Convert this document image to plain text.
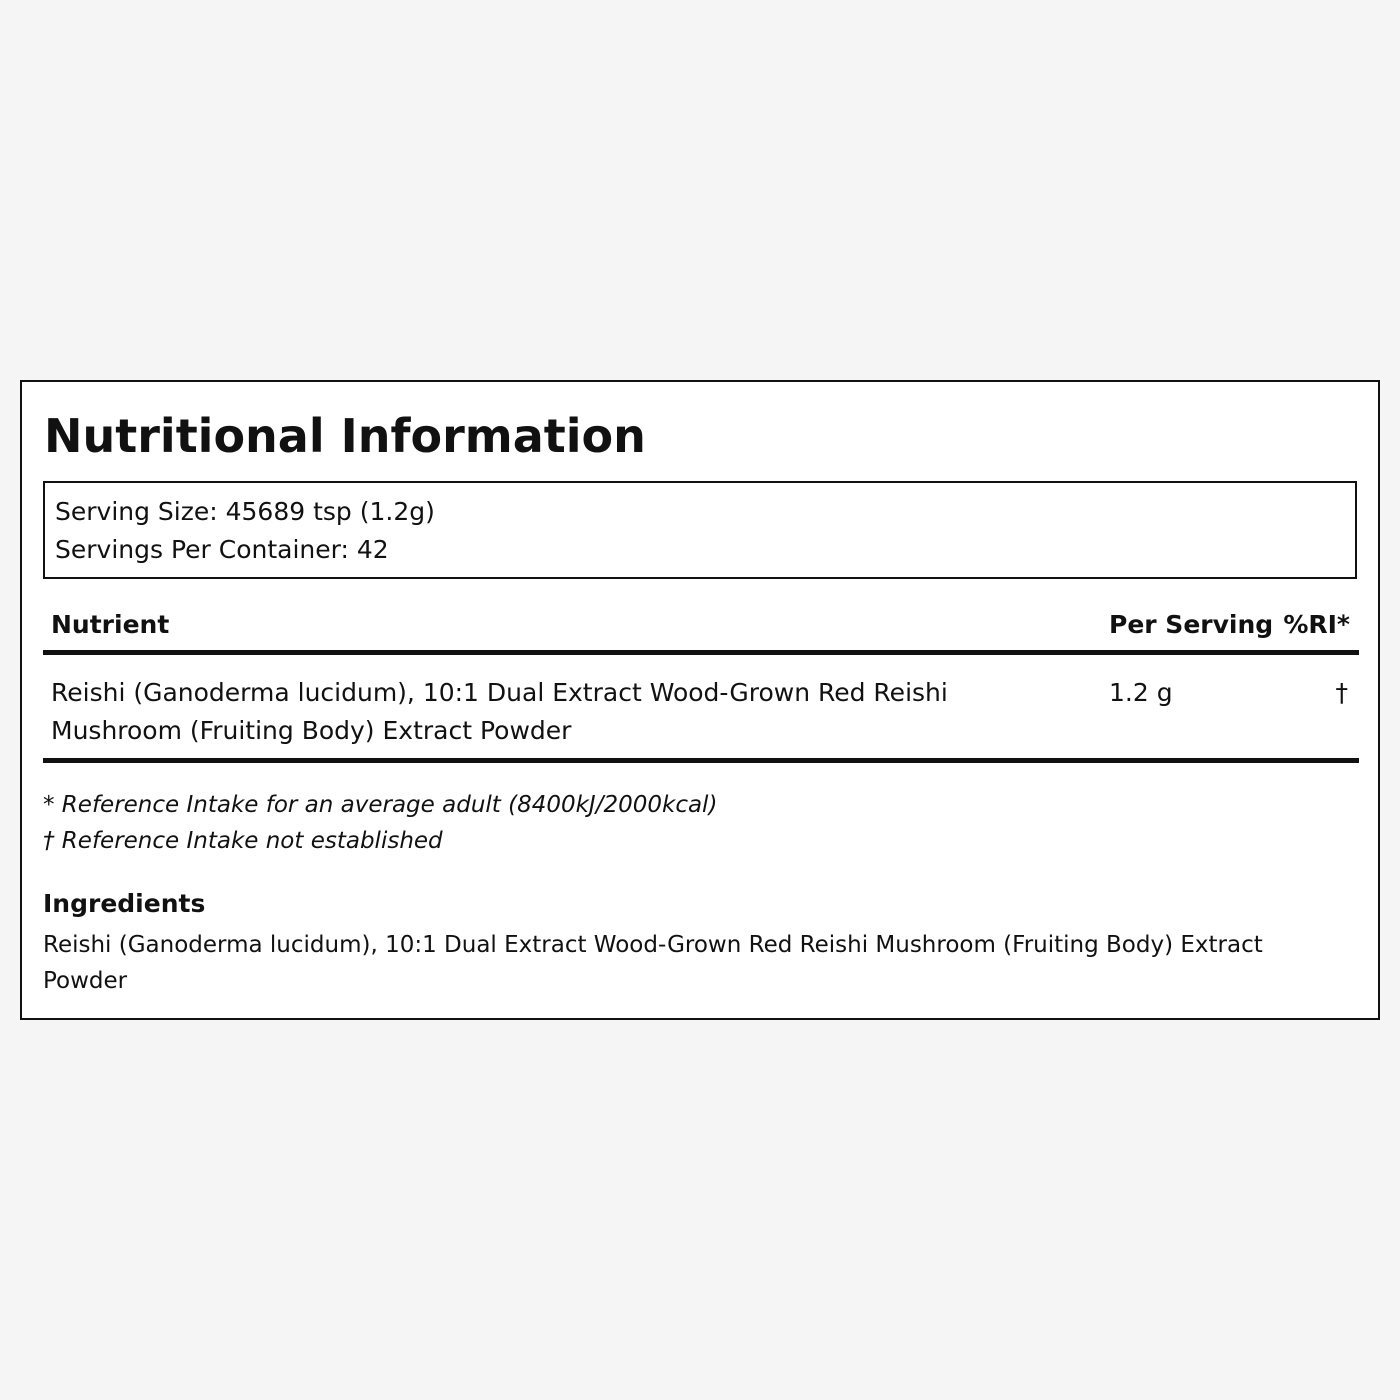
Nutritional Information
Serving Size: 45689 tsp (1.2g)
Servings Per Container: 42
Nutrient	Per Serving %RI*
Reishi (Ganoderma lucidum), 10:1 Dual Extract Wood-Grown Red Reishi Mushroom (Fruiting Body) Extract Powder
1.2 g	†
* Reference Intake for an average adult (8400kJ/2000kcal)
† Reference Intake not established
Ingredients

Reishi (Ganoderma lucidum), 10:1 Dual Extract Wood-Grown Red Reishi Mushroom (Fruiting Body) Extract Powder
